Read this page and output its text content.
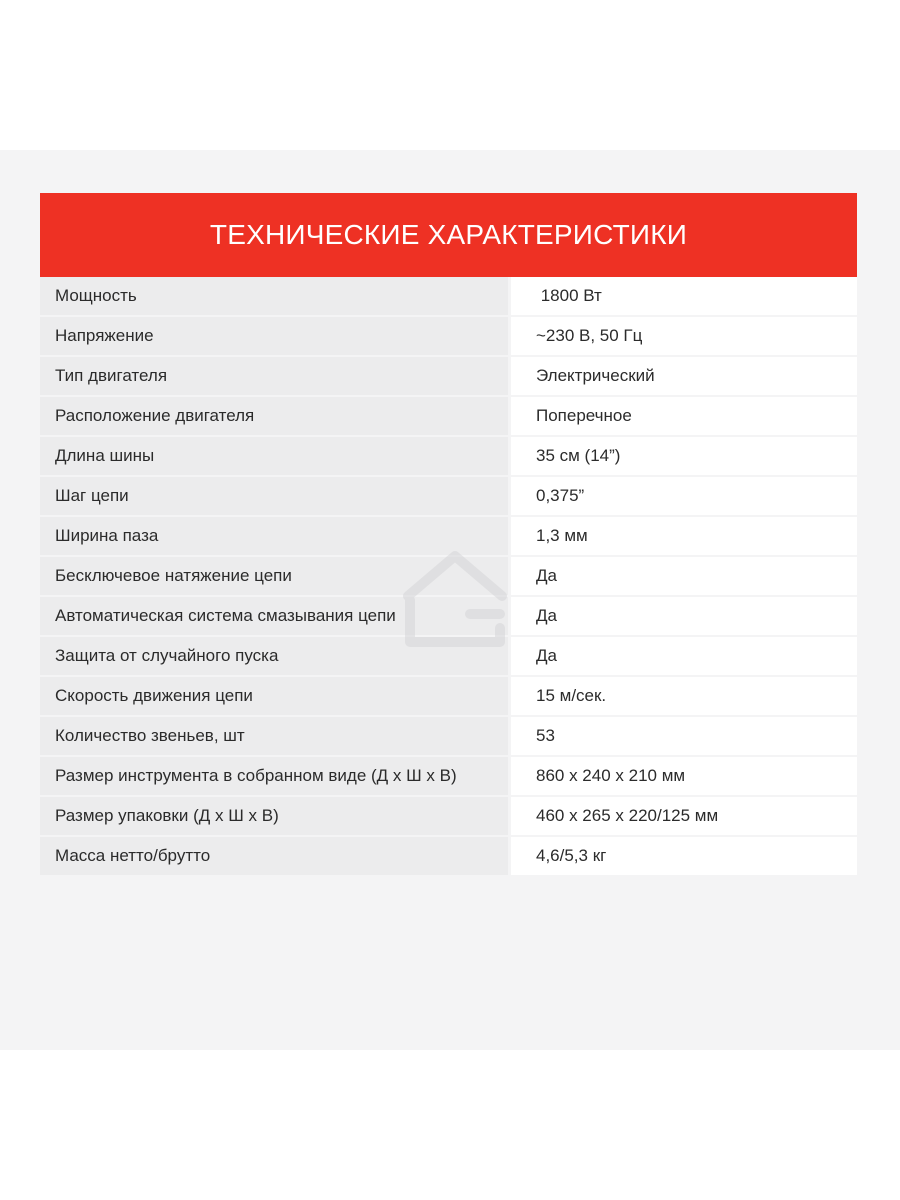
ТЕХНИЧЕСКИЕ ХАРАКТЕРИСТИКИ
Мощность	1800 Вт
Напряжение	~230 В, 50 Гц
Тип двигателя	Электрический
Расположение двигателя	Поперечное
Длина шины	35 см (14”)
Шаг цепи	0,375”
Ширина паза	1,3 мм
Бесключевое натяжение цепи	Да
Автоматическая система смазывания цепи	Да
Защита от случайного пуска	Да
Скорость движения цепи	15 м/сек.
Количество звеньев, шт	53
Размер инструмента в собранном виде (Д х Ш х В)	860 х 240 х 210 мм
Размер упаковки (Д х Ш х В)	460 х 265 х 220/125 мм
Масса нетто/брутто	4,6/5,3 кг
